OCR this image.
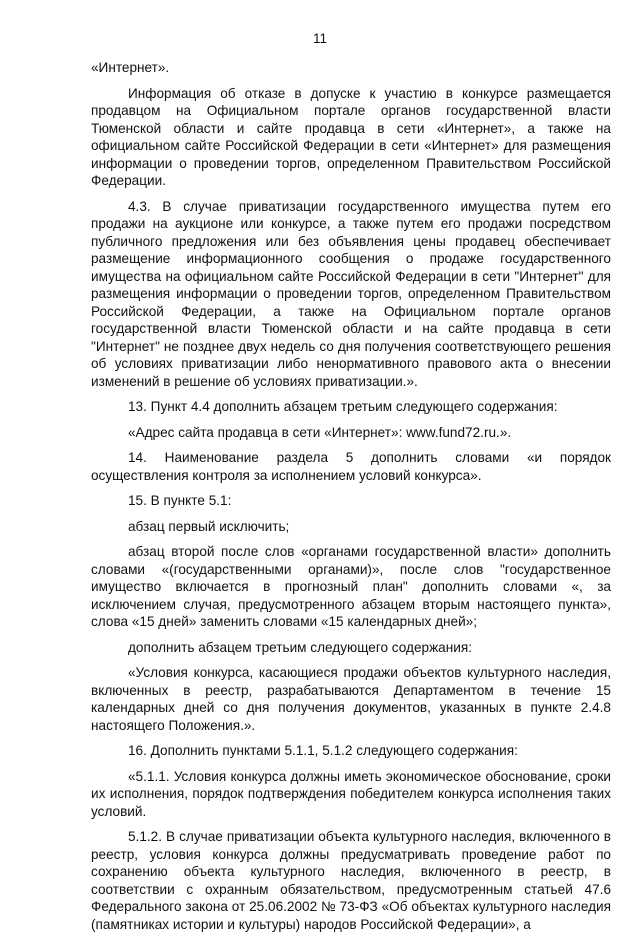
11

«Интернет».

Информация об отказе в допуске к участию в конкурсе размещается продавцом на Официальном портале органов государственной власти Тюменской области и сайте продавца в сети «Интернет», а также на официальном сайте Российской Федерации в сети «Интернет» для размещения информации о проведении торгов, определенном Правительством Российской Федерации.

4.3. В случае приватизации государственного имущества путем его продажи на аукционе или конкурсе, а также путем его продажи посредством публичного предложения или без объявления цены продавец обеспечивает размещение информационного сообщения о продаже государственного имущества на официальном сайте Российской Федерации в сети "Интернет" для размещения информации о проведении торгов, определенном Правительством Российской Федерации, а также на Официальном портале органов государственной власти Тюменской области и на сайте продавца в сети "Интернет" не позднее двух недель со дня получения соответствующего решения об условиях приватизации либо ненормативного правового акта о внесении изменений в решение об условиях приватизации.».

13. Пункт 4.4 дополнить абзацем третьим следующего содержания:

«Адрес сайта продавца в сети «Интернет»: www.fund72.ru.».

14. Наименование раздела 5 дополнить словами «и порядок осуществления контроля за исполнением условий конкурса».

15. В пункте 5.1:

абзац первый исключить;

абзац второй после слов «органами государственной власти» дополнить словами «(государственными органами)», после слов "государственное имущество включается в прогнозный план" дополнить словами «, за исключением случая, предусмотренного абзацем вторым настоящего пункта», слова «15 дней» заменить словами «15 календарных дней»;

дополнить абзацем третьим следующего содержания:

«Условия конкурса, касающиеся продажи объектов культурного наследия, включенных в реестр, разрабатываются Департаментом в течение 15 календарных дней со дня получения документов, указанных в пункте 2.4.8 настоящего Положения.».

16. Дополнить пунктами 5.1.1, 5.1.2 следующего содержания:

«5.1.1. Условия конкурса должны иметь экономическое обоснование, сроки их исполнения, порядок подтверждения победителем конкурса исполнения таких условий.

5.1.2. В случае приватизации объекта культурного наследия, включенного в реестр, условия конкурса должны предусматривать проведение работ по сохранению объекта культурного наследия, включенного в реестр, в соответствии с охранным обязательством, предусмотренным статьей 47.6 Федерального закона от 25.06.2002 № 73-ФЗ «Об объектах культурного наследия (памятниках истории и культуры) народов Российской Федерации», а
